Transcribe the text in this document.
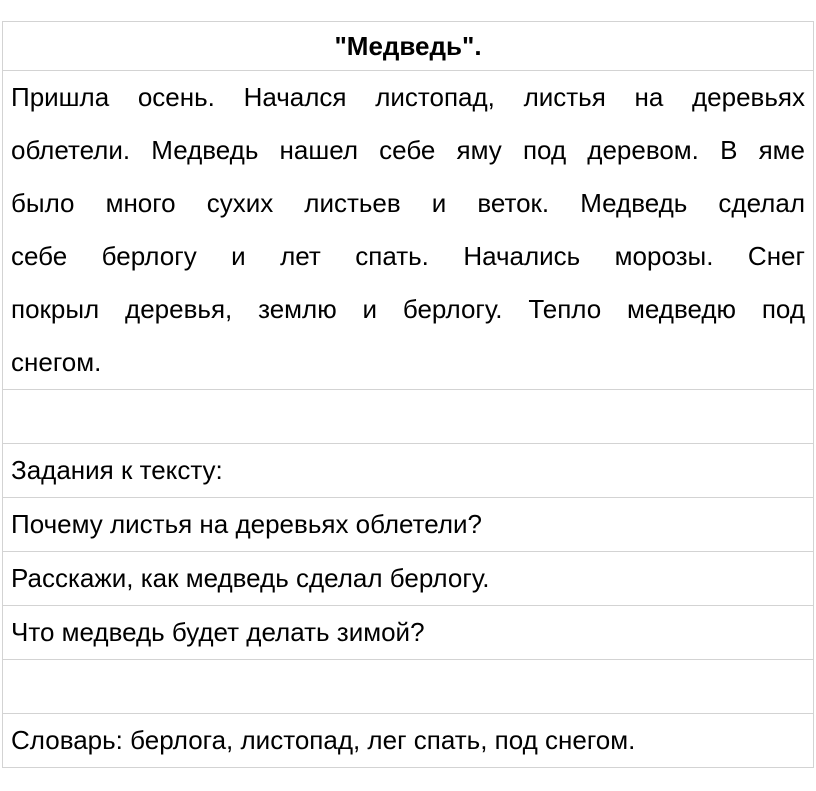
"Медведь".

Пришла осень. Начался листопад, листья на деревьях
облетели. Медведь нашел себе яму под деревом. В яме
было много сухих листьев и веток. Медведь сделал
себе берлогу и лет спать. Начались морозы. Снег
покрыл деревья, землю и берлогу. Тепло медведю под
снегом.

Задания к тексту:
Почему листья на деревьях облетели?
Расскажи, как медведь сделал берлогу.
Что медведь будет делать зимой?

Словарь: берлога, листопад, лег спать, под снегом.
